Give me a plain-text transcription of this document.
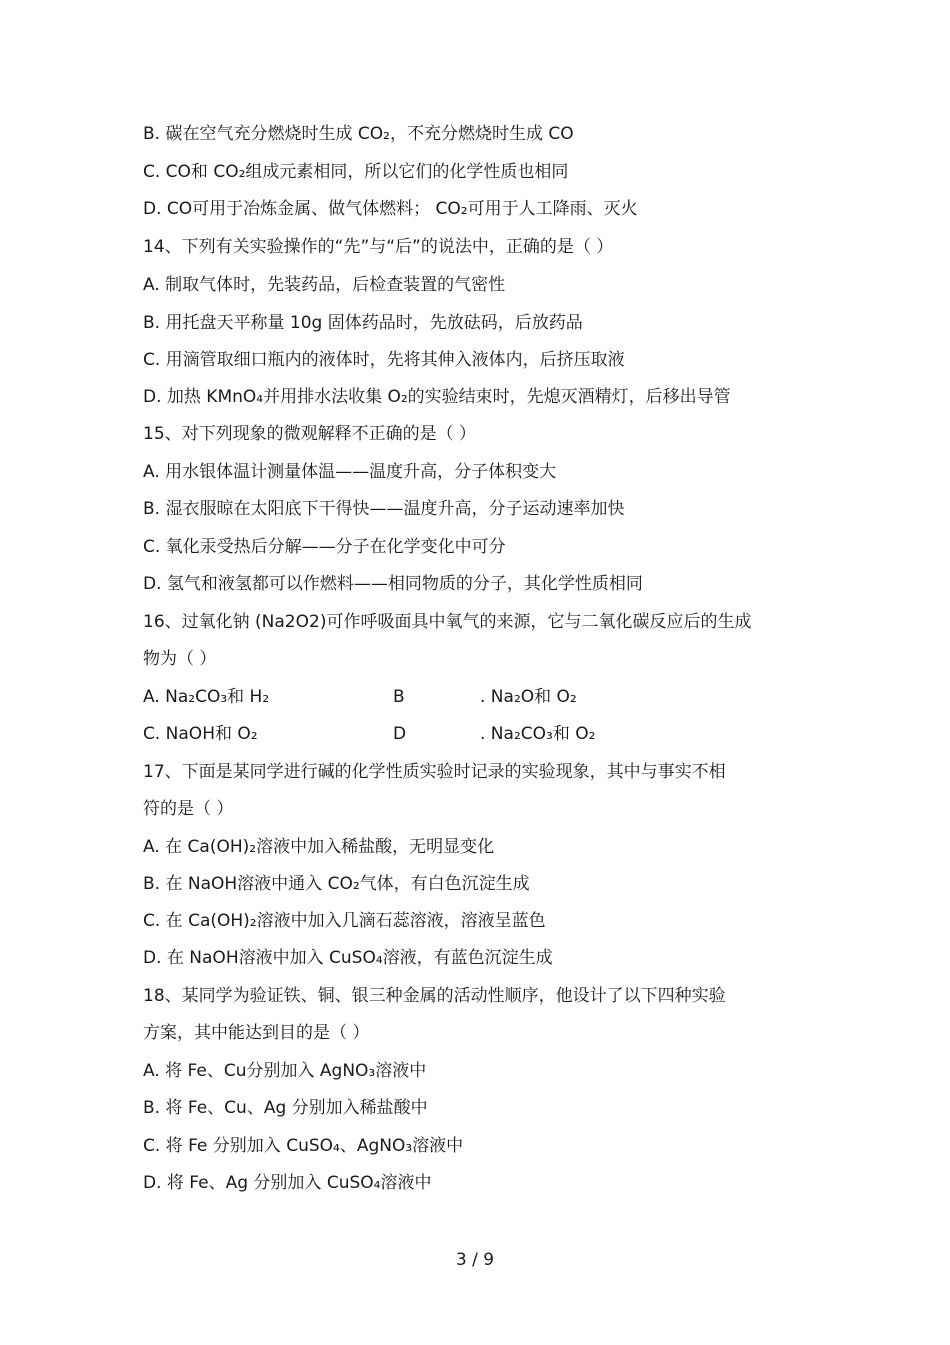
B. 碳在空气充分燃烧时生成 CO₂，不充分燃烧时生成 CO
C. CO和 CO₂组成元素相同，所以它们的化学性质也相同
D. CO可用于冶炼金属、做气体燃料； CO₂可用于人工降雨、灭火
14、下列有关实验操作的“先”与“后”的说法中，正确的是（ ）
A. 制取气体时，先装药品，后检查装置的气密性
B. 用托盘天平称量 10g 固体药品时，先放砝码，后放药品
C. 用滴管取细口瓶内的液体时，先将其伸入液体内，后挤压取液
D. 加热 KMnO₄并用排水法收集 O₂的实验结束时，先熄灭酒精灯，后移出导管
15、对下列现象的微观解释不正确的是（ ）
A. 用水银体温计测量体温——温度升高，分子体积变大
B. 湿衣服晾在太阳底下干得快——温度升高，分子运动速率加快
C. 氧化汞受热后分解——分子在化学变化中可分
D. 氢气和液氢都可以作燃料——相同物质的分子，其化学性质相同
16、过氧化钠 (Na2O2)可作呼吸面具中氧气的来源，它与二氧化碳反应后的生成
物为（ ）
A. Na₂CO₃和 H₂	B	. Na₂O和 O₂
C. NaOH和 O₂	D	. Na₂CO₃和 O₂
17、下面是某同学进行碱的化学性质实验时记录的实验现象，其中与事实不相
符的是（ ）
A. 在 Ca(OH)₂溶液中加入稀盐酸，无明显变化
B. 在 NaOH溶液中通入 CO₂气体，有白色沉淀生成
C. 在 Ca(OH)₂溶液中加入几滴石蕊溶液，溶液呈蓝色
D. 在 NaOH溶液中加入 CuSO₄溶液，有蓝色沉淀生成
18、某同学为验证铁、铜、银三种金属的活动性顺序，他设计了以下四种实验
方案，其中能达到目的是（ ）
A. 将 Fe、Cu分别加入 AgNO₃溶液中
B. 将 Fe、Cu、Ag 分别加入稀盐酸中
C. 将 Fe 分别加入 CuSO₄、AgNO₃溶液中
D. 将 Fe、Ag 分别加入 CuSO₄溶液中
3 / 9
